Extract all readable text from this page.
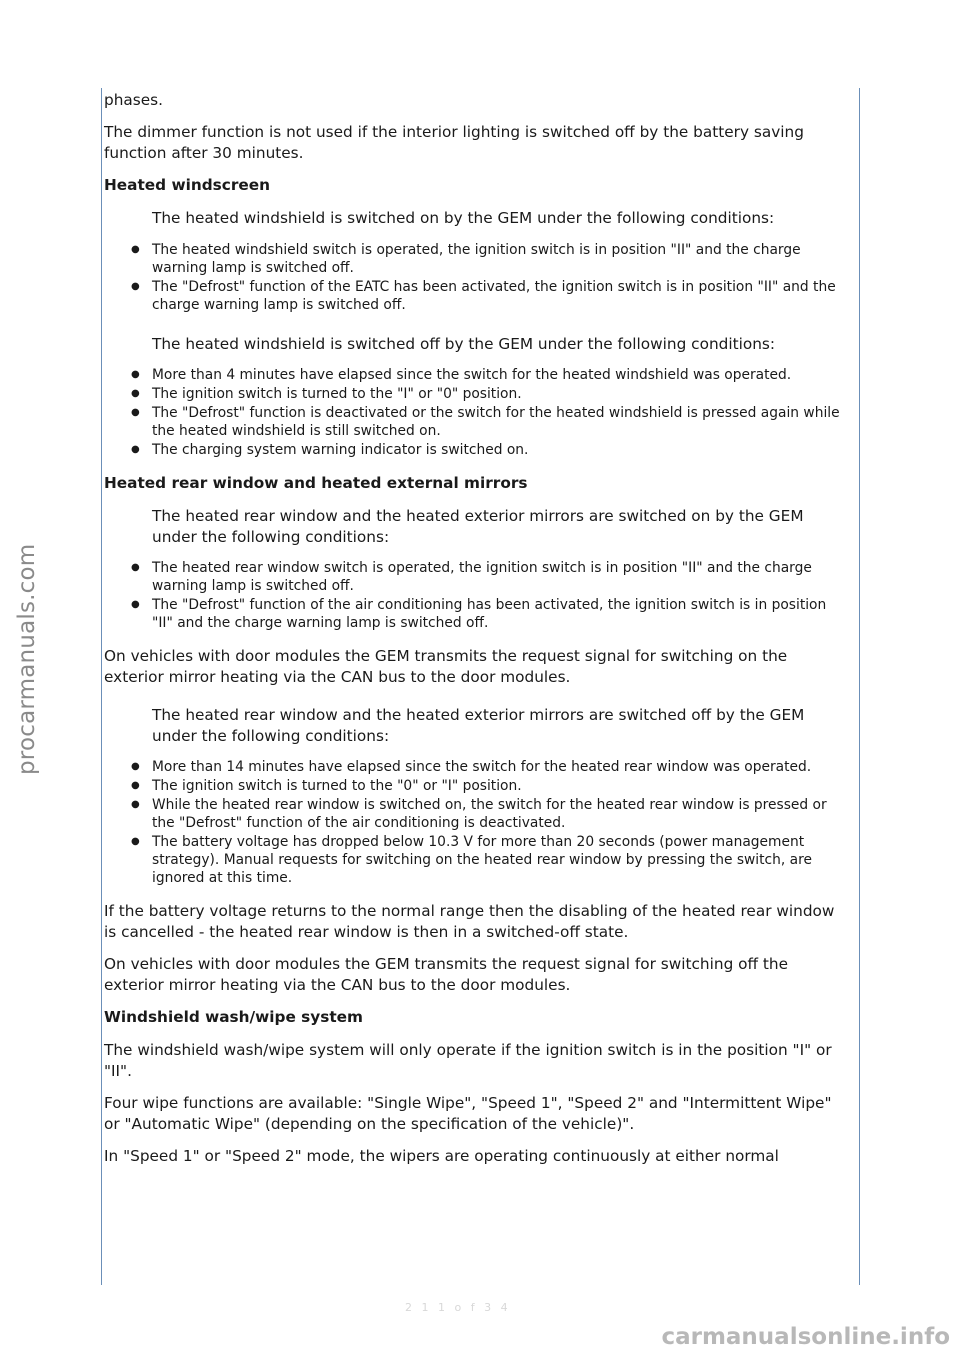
procarmanuals.com
carmanualsonline.info
2 1 1 o f 3 4

phases.

The dimmer function is not used if the interior lighting is switched off by the battery saving function after 30 minutes.

Heated windscreen

The heated windshield is switched on by the GEM under the following conditions:

● The heated windshield switch is operated, the ignition switch is in position "II" and the charge warning lamp is switched off.
● The "Defrost" function of the EATC has been activated, the ignition switch is in position "II" and the charge warning lamp is switched off.

The heated windshield is switched off by the GEM under the following conditions:

● More than 4 minutes have elapsed since the switch for the heated windshield was operated.
● The ignition switch is turned to the "I" or "0" position.
● The "Defrost" function is deactivated or the switch for the heated windshield is pressed again while the heated windshield is still switched on.
● The charging system warning indicator is switched on.
Heated rear window and heated external mirrors

The heated rear window and the heated exterior mirrors are switched on by the GEM under the following conditions:

● The heated rear window switch is operated, the ignition switch is in position "II" and the charge warning lamp is switched off.
● The "Defrost" function of the air conditioning has been activated, the ignition switch is in position "II" and the charge warning lamp is switched off.

On vehicles with door modules the GEM transmits the request signal for switching on the exterior mirror heating via the CAN bus to the door modules.

The heated rear window and the heated exterior mirrors are switched off by the GEM under the following conditions:

● More than 14 minutes have elapsed since the switch for the heated rear window was operated.
● The ignition switch is turned to the "0" or "I" position.
● While the heated rear window is switched on, the switch for the heated rear window is pressed or the "Defrost" function of the air conditioning is deactivated.
● The battery voltage has dropped below 10.3 V for more than 20 seconds (power management strategy). Manual requests for switching on the heated rear window by pressing the switch, are ignored at this time.

If the battery voltage returns to the normal range then the disabling of the heated rear window is cancelled - the heated rear window is then in a switched-off state.

On vehicles with door modules the GEM transmits the request signal for switching off the exterior mirror heating via the CAN bus to the door modules.

Windshield wash/wipe system

The windshield wash/wipe system will only operate if the ignition switch is in the position "I" or "II".

Four wipe functions are available: "Single Wipe", "Speed 1", "Speed 2" and "Intermittent Wipe" or "Automatic Wipe" (depending on the specification of the vehicle)".

In "Speed 1" or "Speed 2" mode, the wipers are operating continuously at either normal
